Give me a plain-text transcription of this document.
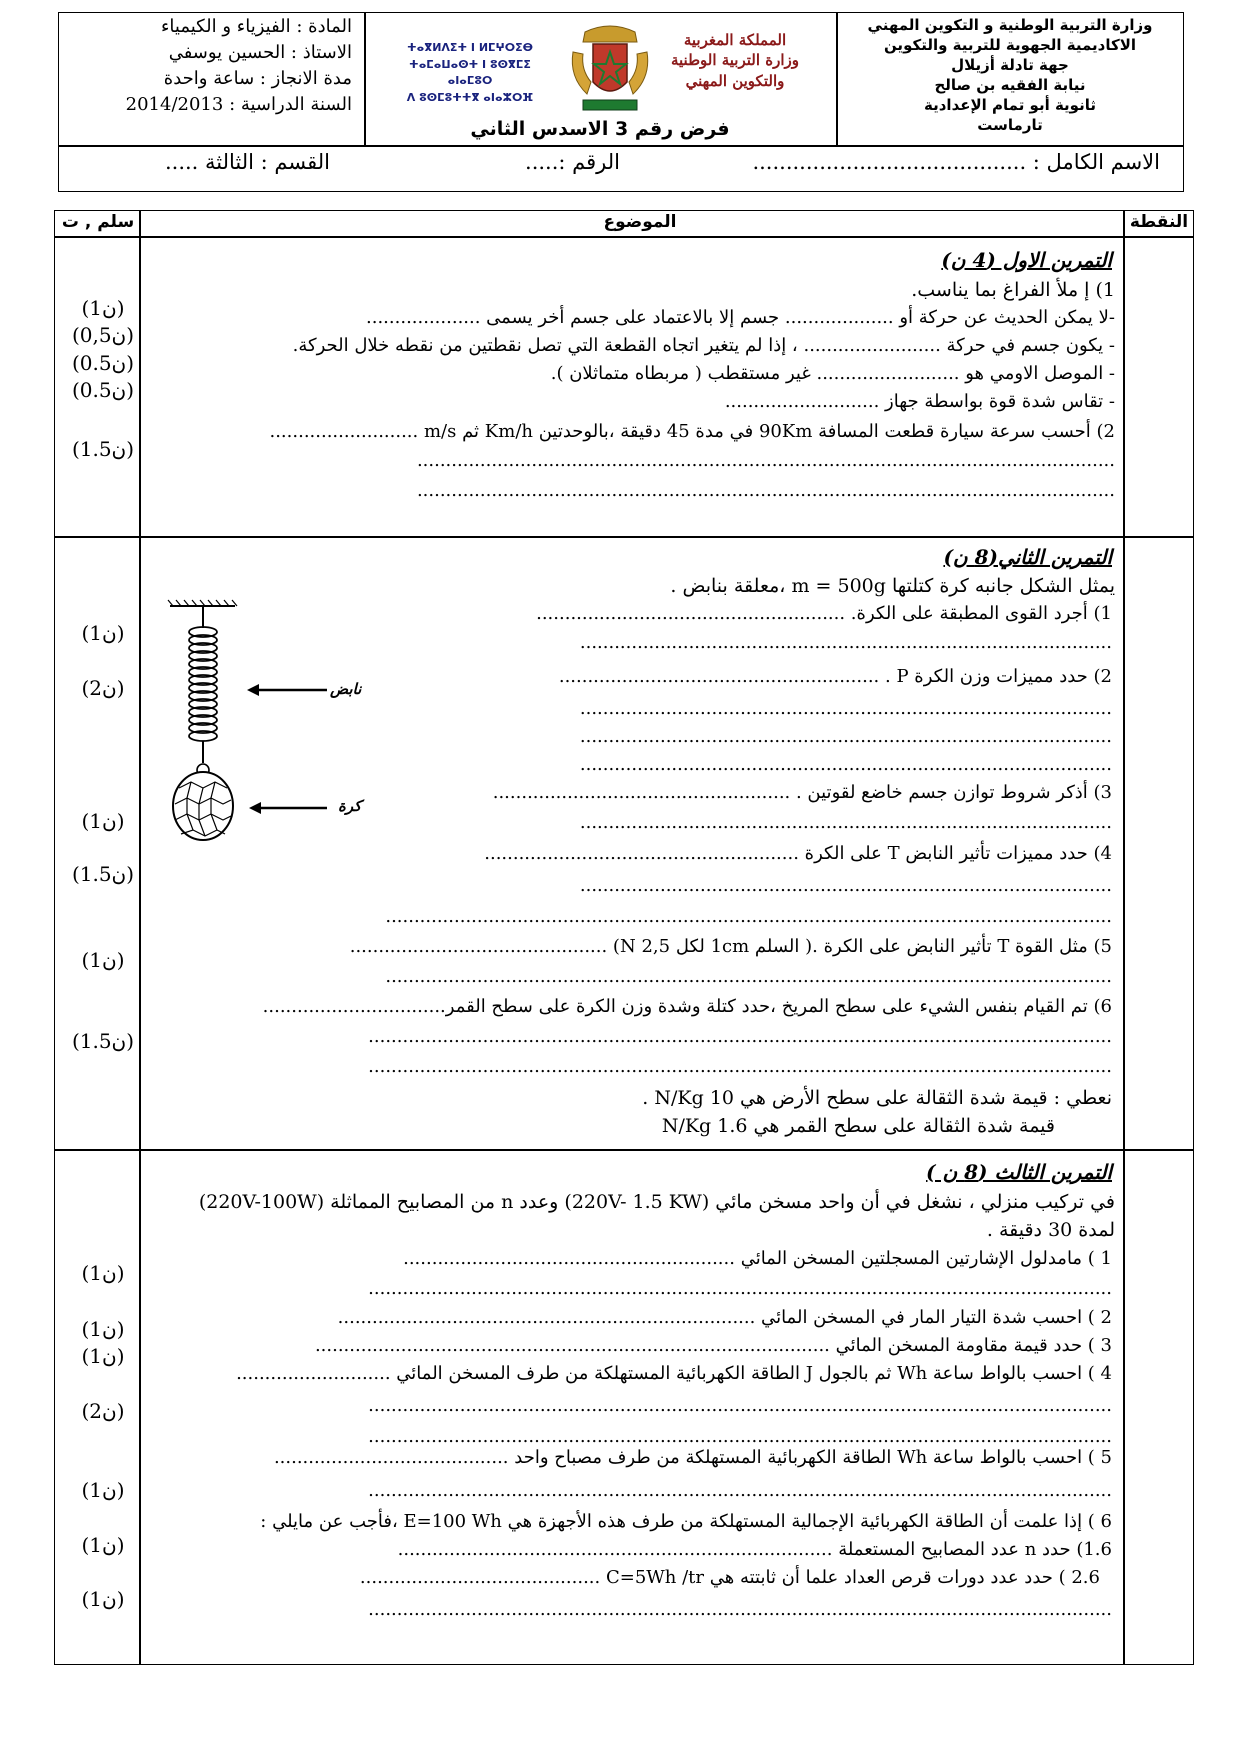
وزارة التربية الوطنية و التكوين المهني
الاكاديمية الجهوية للتربية والتكوين
جهة تادلة أزيلال
نيابة الفقيه بن صالح
ثانوية أبو تمام الإعدادية
تارماست
ⵜⴰⴳⵍⴷⵉⵜ ⵏ ⵍⵎⵖⵔⵉⴱ
ⵜⴰⵎⴰⵡⴰⵙⵜ ⵏ ⵓⵙⴳⵎⵉ ⴰⵏⴰⵎⵓⵔ
ⴷ ⵓⵙⵎⵓⵜⵜⴳ ⴰⵏⴰⵣⵔⴼ
المملكة المغربية
وزارة التربية الوطنية
والتكوين المهني
فرض رقم 3 الاسدس الثاني
المادة : الفيزياء و الكيمياء
الاستاذ : الحسين يوسفي
مدة الانجاز : ساعة واحدة
السنة الدراسية : 2014/2013
الاسم الكامل : .........................................
الرقم :.....
القسم : الثالثة .....
سلم , ت	الموضوع	النقطة
التمرين الاول (4 ن)
1) إ ملأ الفراغ بما يناسب.
-لا يمكن الحديث عن حركة أو ................... جسم إلا بالاعتماد على جسم أخر يسمى ....................
- يكون جسم في حركة ........................ ، إذا لم يتغير اتجاه القطعة التي تصل نقطتين من نقطه خلال الحركة.
- الموصل الاومي هو ......................... غير مستقطب ( مربطاه متماثلان ).
- تقاس شدة قوة بواسطة جهاز ...........................
2) أحسب سرعة سيارة قطعت المسافة 90Km في مدة 45 دقيقة ،بالوحدتين Km/h ثم m/s ..........................
..........................................................................................................................
..........................................................................................................................
(1ن)
(0,5ن)
(0.5ن)
(0.5ن)
(1.5ن)
التمرين الثاني(8 ن)
يمثل الشكل جانبه كرة كتلتها m = 500g ،معلقة بنابض .
1) أجرد القوى المطبقة على الكرة. ......................................................
.............................................................................................
2) حدد مميزات وزن الكرة P . ........................................................
.............................................................................................
.............................................................................................
.............................................................................................
3) أذكر شروط توازن جسم خاضع لقوتين . ....................................................
.............................................................................................
4) حدد مميزات تأثير النابض T على الكرة .......................................................
.............................................................................................
...............................................................................................................................
5) مثل القوة T تأثير النابض على الكرة .( السلم 1cm لكل 2,5 N) .............................................
...............................................................................................................................
6) تم القيام بنفس الشيء على سطح المريخ ،حدد كتلة وشدة وزن الكرة على سطح القمر................................
..................................................................................................................................
..................................................................................................................................
نعطي : قيمة شدة الثقالة على سطح الأرض هي 10 N/Kg .
قيمة شدة الثقالة على سطح القمر هي 1.6 N/Kg
نابض
كرة
(1ن)
(2ن)
(1ن)
(1.5ن)
(1ن)
(1.5ن)
التمرين الثالث (8 ن )
في تركيب منزلي ، نشغل في أن واحد مسخن مائي (220V- 1.5 KW) وعدد n من المصابيح المماثلة (220V-100W)
لمدة 30 دقيقة .
1 ) مامدلول الإشارتين المسجلتين المسخن المائي ..........................................................
..................................................................................................................................
2 ) احسب شدة التيار المار في المسخن المائي .........................................................................
3 ) حدد قيمة مقاومة المسخن المائي ..........................................................................................
4 ) احسب بالواط ساعة Wh ثم بالجول J الطاقة الكهربائية المستهلكة من طرف المسخن المائي ...........................
..................................................................................................................................
..................................................................................................................................
5 ) احسب بالواط ساعة Wh الطاقة الكهربائية المستهلكة من طرف مصباح واحد .........................................
..................................................................................................................................
6 ) إذا علمت أن الطاقة الكهربائية الإجمالية المستهلكة من طرف هذه الأجهزة هي E=100 Wh ،فأجب عن مايلي :
1.6) حدد n عدد المصابيح المستعملة ............................................................................
2.6 ) حدد عدد دورات قرص العداد علما أن ثابتته هي C=5Wh /tr ..........................................
..................................................................................................................................
(1ن)
(1ن)
(1ن)
(2ن)
(1ن)
(1ن)
(1ن)
